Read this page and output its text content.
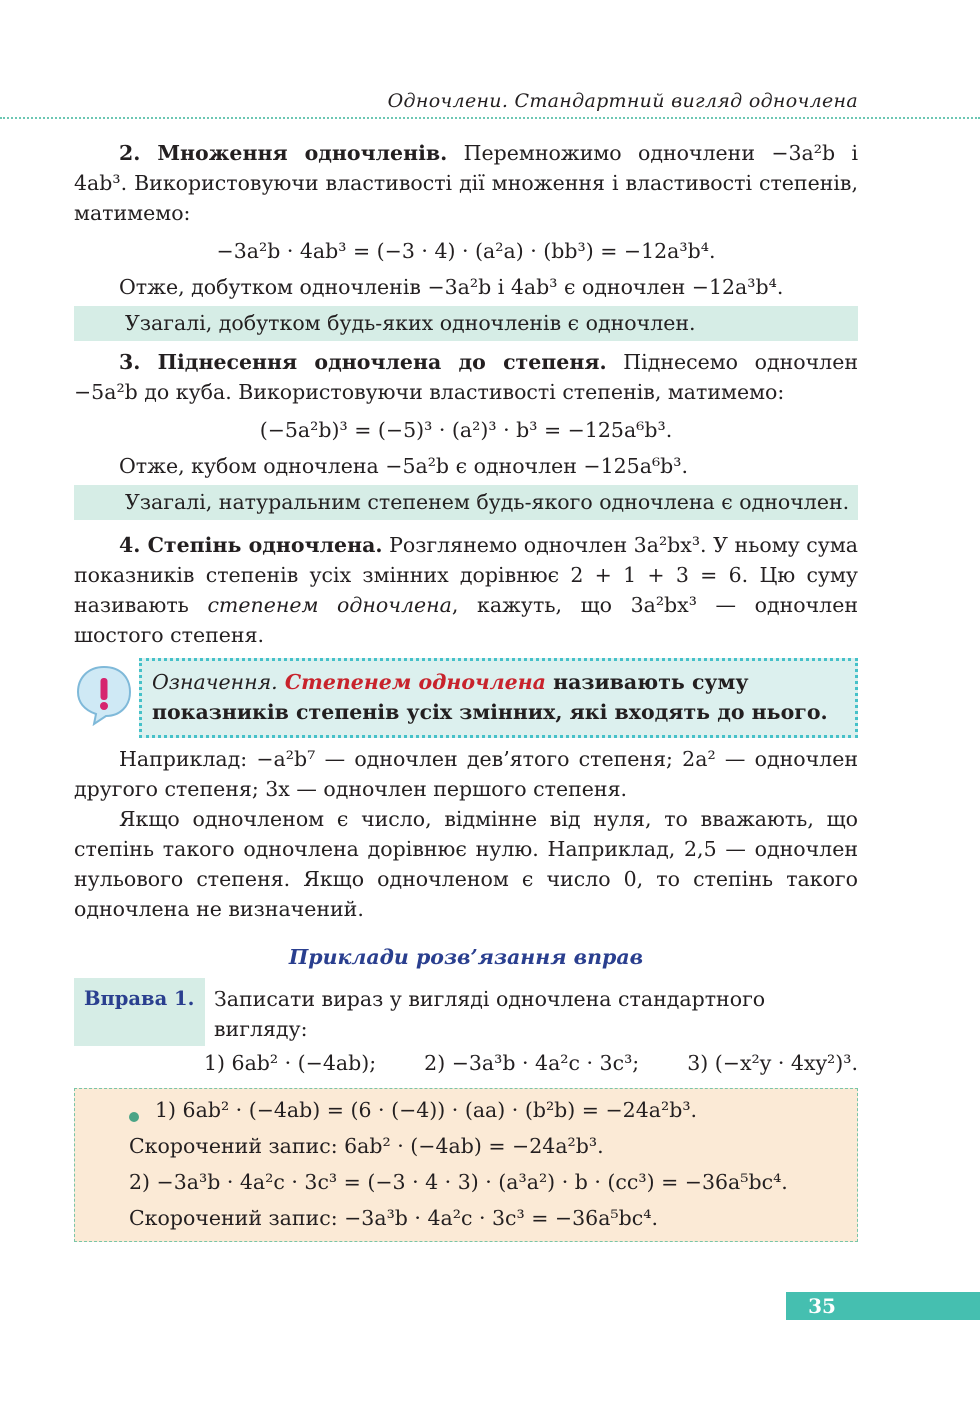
Одночлени. Стандартний вигляд одночлена

2. Множення одночленів. Перемножимо одночлени −3a²b і 4ab³. Використовуючи властивості дії множення і властивості степенів, матимемо:

−3a²b · 4ab³ = (−3 · 4) · (a²a) · (bb³) = −12a³b⁴.

Отже, добутком одночленів −3a²b і 4ab³ є одночлен −12a³b⁴.

Узагалі, добутком будь-яких одночленів є одночлен.

3. Піднесення одночлена до степеня. Піднесемо одночлен −5a²b до куба. Використовуючи властивості степенів, матимемо:

(−5a²b)³ = (−5)³ · (a²)³ · b³ = −125a⁶b³.

Отже, кубом одночлена −5a²b є одночлен −125a⁶b³.

Узагалі, натуральним степенем будь-якого одночлена є одночлен.

4. Степінь одночлена. Розглянемо одночлен 3a²bx³. У ньому сума показників степенів усіх змінних дорівнює 2 + 1 + 3 = 6. Цю суму називають степенем одночлена, кажуть, що 3a²bx³ — одночлен шостого степеня.

Означення. Степенем одночлена називають суму показників степенів усіх змінних, які входять до нього.

Наприклад: −a²b⁷ — одночлен дев’ятого степеня; 2a² — одночлен другого степеня; 3x — одночлен першого степеня.

Якщо одночленом є число, відмінне від нуля, то вважають, що степінь такого одночлена дорівнює нулю. Наприклад, 2,5 — одночлен нульового степеня. Якщо одночленом є число 0, то степінь такого одночлена не визначений.

Приклади розв’язання вправ
Вправа 1. Записати вираз у вигляді одночлена стандартного вигляду:
1) 6ab² · (−4ab); 2) −3a³b · 4a²c · 3c³; 3) (−x²y · 4xy²)³.

1) 6ab² · (−4ab) = (6 · (−4)) · (aa) · (b²b) = −24a²b³.

Скорочений запис: 6ab² · (−4ab) = −24a²b³.

2) −3a³b · 4a²c · 3c³ = (−3 · 4 · 3) · (a³a²) · b · (cc³) = −36a⁵bc⁴.

Скорочений запис: −3a³b · 4a²c · 3c³ = −36a⁵bc⁴.

35
